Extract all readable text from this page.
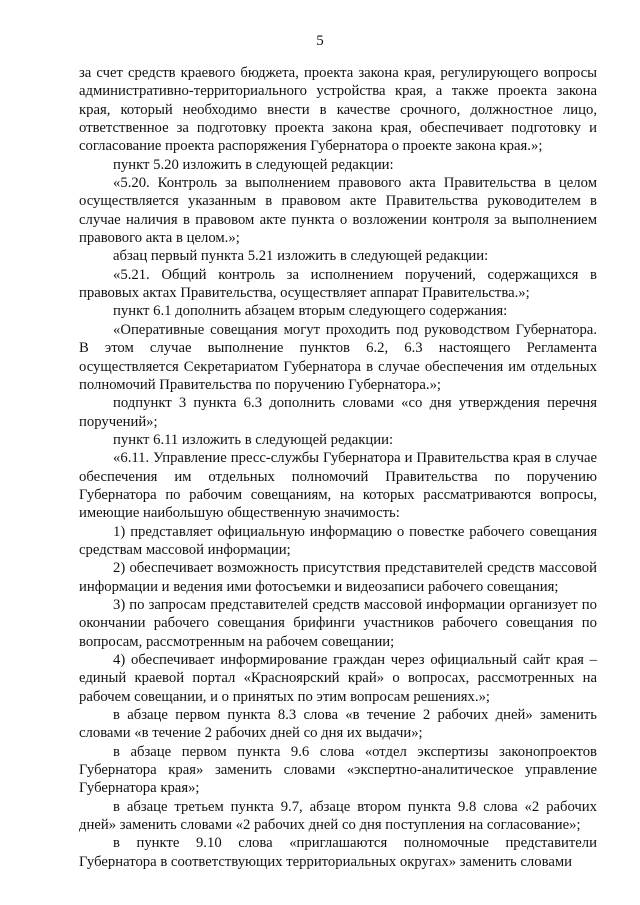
5

за счет средств краевого бюджета, проекта закона края, регулирующего вопросы административно-территориального устройства края, а также проекта закона края, который необходимо внести в качестве срочного, должностное лицо, ответственное за подготовку проекта закона края, обеспечивает подготовку и согласование проекта распоряжения Губернатора о проекте закона края.»;

пункт 5.20 изложить в следующей редакции:

«5.20. Контроль за выполнением правового акта Правительства в целом осуществляется указанным в правовом акте Правительства руководителем в случае наличия в правовом акте пункта о возложении контроля за выполнением правового акта в целом.»;

абзац первый пункта 5.21 изложить в следующей редакции:

«5.21. Общий контроль за исполнением поручений, содержащихся в правовых актах Правительства, осуществляет аппарат Правительства.»;

пункт 6.1 дополнить абзацем вторым следующего содержания:

«Оперативные совещания могут проходить под руководством Губернатора. В этом случае выполнение пунктов 6.2, 6.3 настоящего Регламента осуществляется Секретариатом Губернатора в случае обеспечения им отдельных полномочий Правительства по поручению Губернатора.»;

подпункт 3 пункта 6.3 дополнить словами «со дня утверждения перечня поручений»;

пункт 6.11 изложить в следующей редакции:

«6.11. Управление пресс-службы Губернатора и Правительства края в случае обеспечения им отдельных полномочий Правительства по поручению Губернатора по рабочим совещаниям, на которых рассматриваются вопросы, имеющие наибольшую общественную значимость:

1) представляет официальную информацию о повестке рабочего совещания средствам массовой информации;

2) обеспечивает возможность присутствия представителей средств массовой информации и ведения ими фотосъемки и видеозаписи рабочего совещания;

3) по запросам представителей средств массовой информации организует по окончании рабочего совещания брифинги участников рабочего совещания по вопросам, рассмотренным на рабочем совещании;

4) обеспечивает информирование граждан через официальный сайт края – единый краевой портал «Красноярский край» о вопросах, рассмотренных на рабочем совещании, и о принятых по этим вопросам решениях.»;

в абзаце первом пункта 8.3 слова «в течение 2 рабочих дней» заменить словами «в течение 2 рабочих дней со дня их выдачи»;

в абзаце первом пункта 9.6 слова «отдел экспертизы законопроектов Губернатора края» заменить словами «экспертно-аналитическое управление Губернатора края»;

в абзаце третьем пункта 9.7, абзаце втором пункта 9.8 слова «2 рабочих дней» заменить словами «2 рабочих дней со дня поступления на согласование»;

в пункте 9.10 слова «приглашаются полномочные представители Губернатора в соответствующих территориальных округах» заменить словами
